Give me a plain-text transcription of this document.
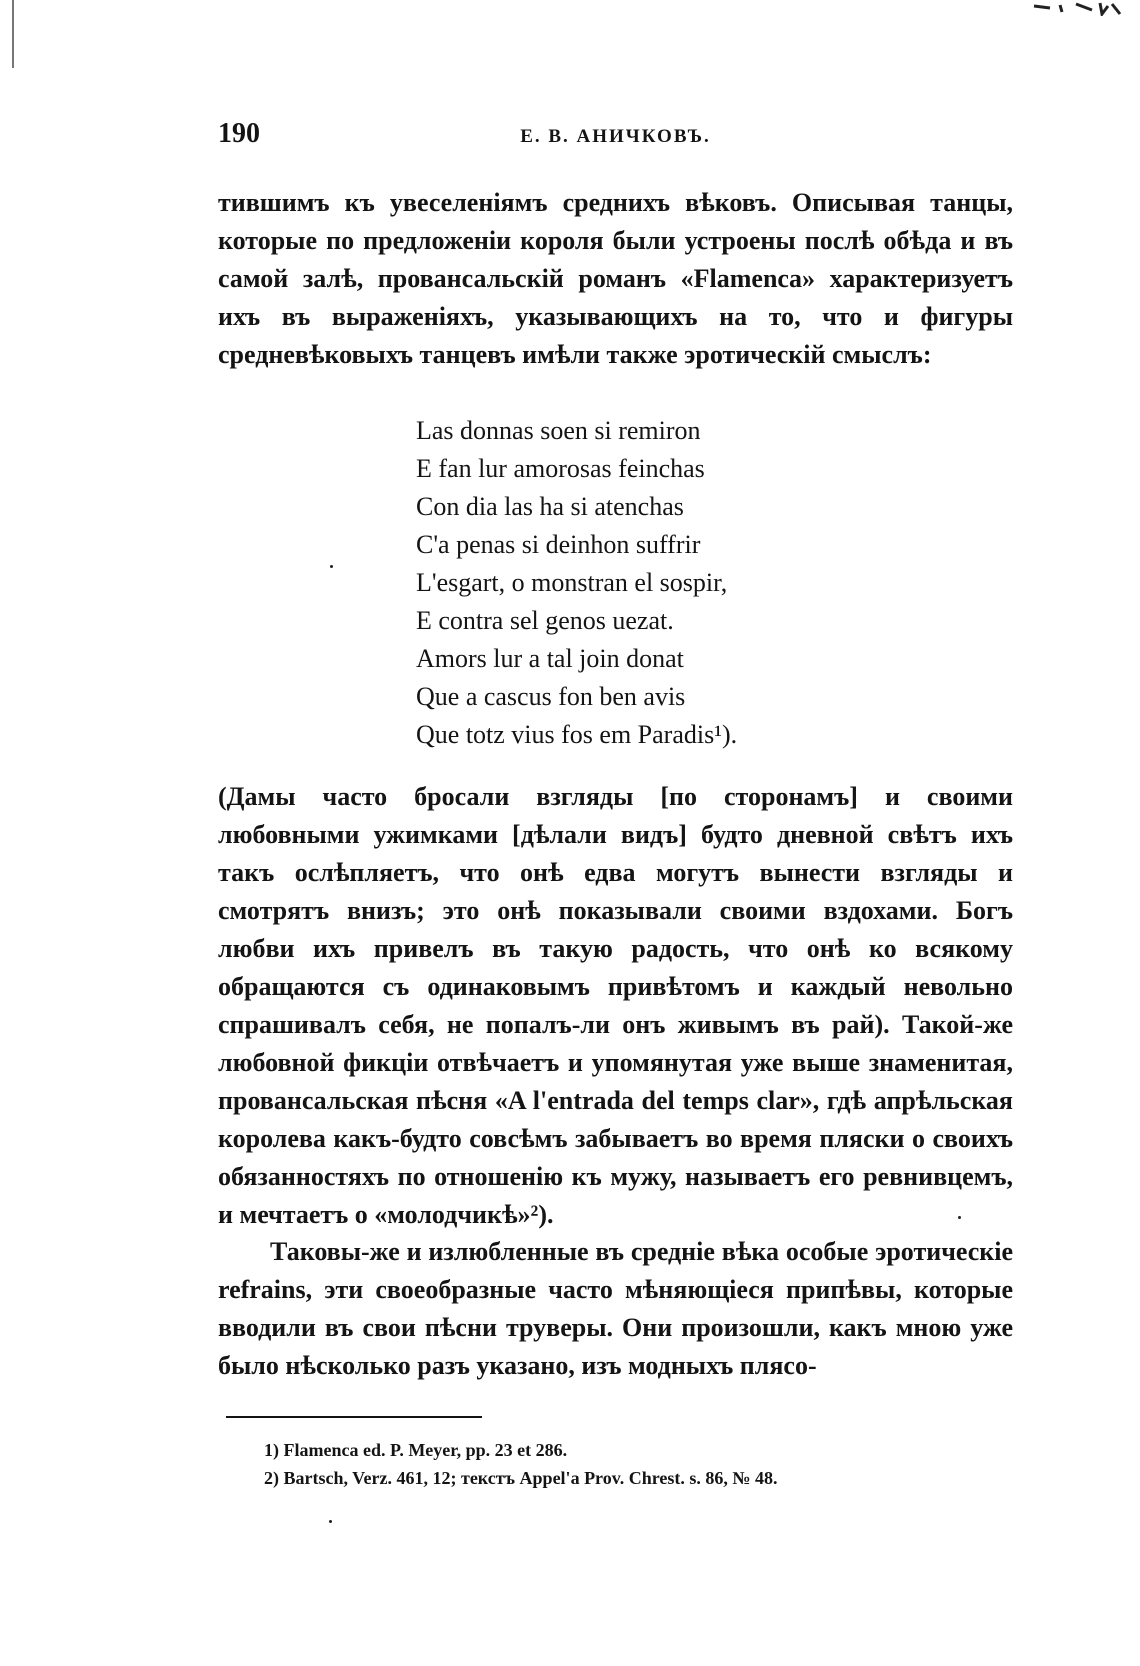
190	Е. В. АНИЧКОВЪ.

тившимъ къ увеселеніямъ среднихъ вѣковъ. Описывая танцы, которые по предложенiи короля были устроены послѣ обѣда и въ самой залѣ, провансальскій романъ «Flamenca» характеризуетъ ихъ въ выраженіяхъ, указывающихъ на то, что и фигуры средневѣковыхъ танцевъ имѣли также эротическій смыслъ:

Las donnas soen si remiron
E fan lur amorosas feinchas
Con dia las ha si atenchas
C'a penas si deinhon suffrir
L'esgart, o monstran el sospir,
E contra sel genos uezat.
Amors lur a tal join donat
Que a cascus fon ben avis
Que totz vius fos em Paradis¹).

(Дамы часто бросали взгляды [по сторонамъ] и своими любовными ужимками [дѣлали видъ] будто дневной свѣтъ ихъ такъ ослѣпляетъ, что онѣ едва могутъ вынести взгляды и смотрятъ внизъ; это онѣ показывали своими вздохами. Богъ любви ихъ привелъ въ такую радость, что онѣ ко всякому обращаются съ одинаковымъ привѣтомъ и каждый невольно спрашивалъ себя, не попалъ-ли онъ живымъ въ рай). Такой-же любовной фикціи отвѣчаетъ и упомянутая уже выше знаменитая, провансальская пѣсня «A l'entrada del temps clar», гдѣ апрѣльская королева какъ-будто совсѣмъ забываетъ во время пляски о своихъ обязанностяхъ по отношенію къ мужу, называетъ его ревнивцемъ, и мечтаетъ о «молодчикѣ»²).

Таковы-же и излюбленные въ средніе вѣка особые эротическіе refrains, эти своеобразные часто мѣняющіеся припѣвы, которые вводили въ свои пѣсни труверы. Они произошли, какъ мною уже было нѣсколько разъ указано, изъ модныхъ плясо-

1) Flamenca ed. P. Meyer, pp. 23 et 286.
2) Bartsch, Verz. 461, 12; текстъ Appel'a Prov. Chrest. s. 86, № 48.
